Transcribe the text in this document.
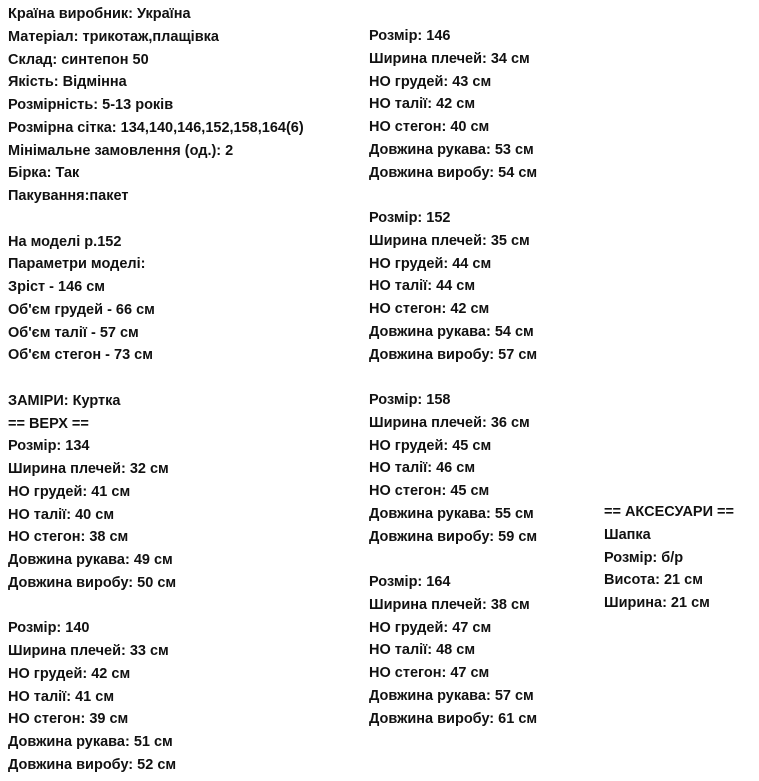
Країна виробник: Україна
Матеріал: трикотаж,плащівка
Склад: синтепон 50
Якість: Відмінна
Розмірність: 5-13 років
Розмірна сітка: 134,140,146,152,158,164(6)
Мінімальне замовлення (од.): 2
Бірка: Так
Пакування:пакет
На моделі р.152
Параметри моделі:
Зріст - 146 см
Об'єм грудей - 66 см
Об'єм талії - 57 см
Об'єм стегон - 73 см
ЗАМІРИ: Куртка
== ВЕРХ ==
Розмір: 134
Ширина плечей: 32 см
НО грудей: 41 см
НО талії: 40 см
НО стегон: 38 см
Довжина рукава: 49 см
Довжина виробу: 50 см
Розмір: 140
Ширина плечей: 33 см
НО грудей: 42 см
НО талії: 41 см
НО стегон: 39 см
Довжина рукава: 51 см
Довжина виробу: 52 см
Розмір: 146
Ширина плечей: 34 см
НО грудей: 43 см
НО талії: 42 см
НО стегон: 40 см
Довжина рукава: 53 см
Довжина виробу: 54 см
Розмір: 152
Ширина плечей: 35 см
НО грудей: 44 см
НО талії: 44 см
НО стегон: 42 см
Довжина рукава: 54 см
Довжина виробу: 57 см
Розмір: 158
Ширина плечей: 36 см
НО грудей: 45 см
НО талії: 46 см
НО стегон: 45 см
Довжина рукава: 55 см
Довжина виробу: 59 см
Розмір: 164
Ширина плечей: 38 см
НО грудей: 47 см
НО талії: 48 см
НО стегон: 47 см
Довжина рукава: 57 см
Довжина виробу: 61 см
== АКСЕСУАРИ ==
Шапка
Розмір: б/р
Висота: 21 см
Ширина: 21 см
